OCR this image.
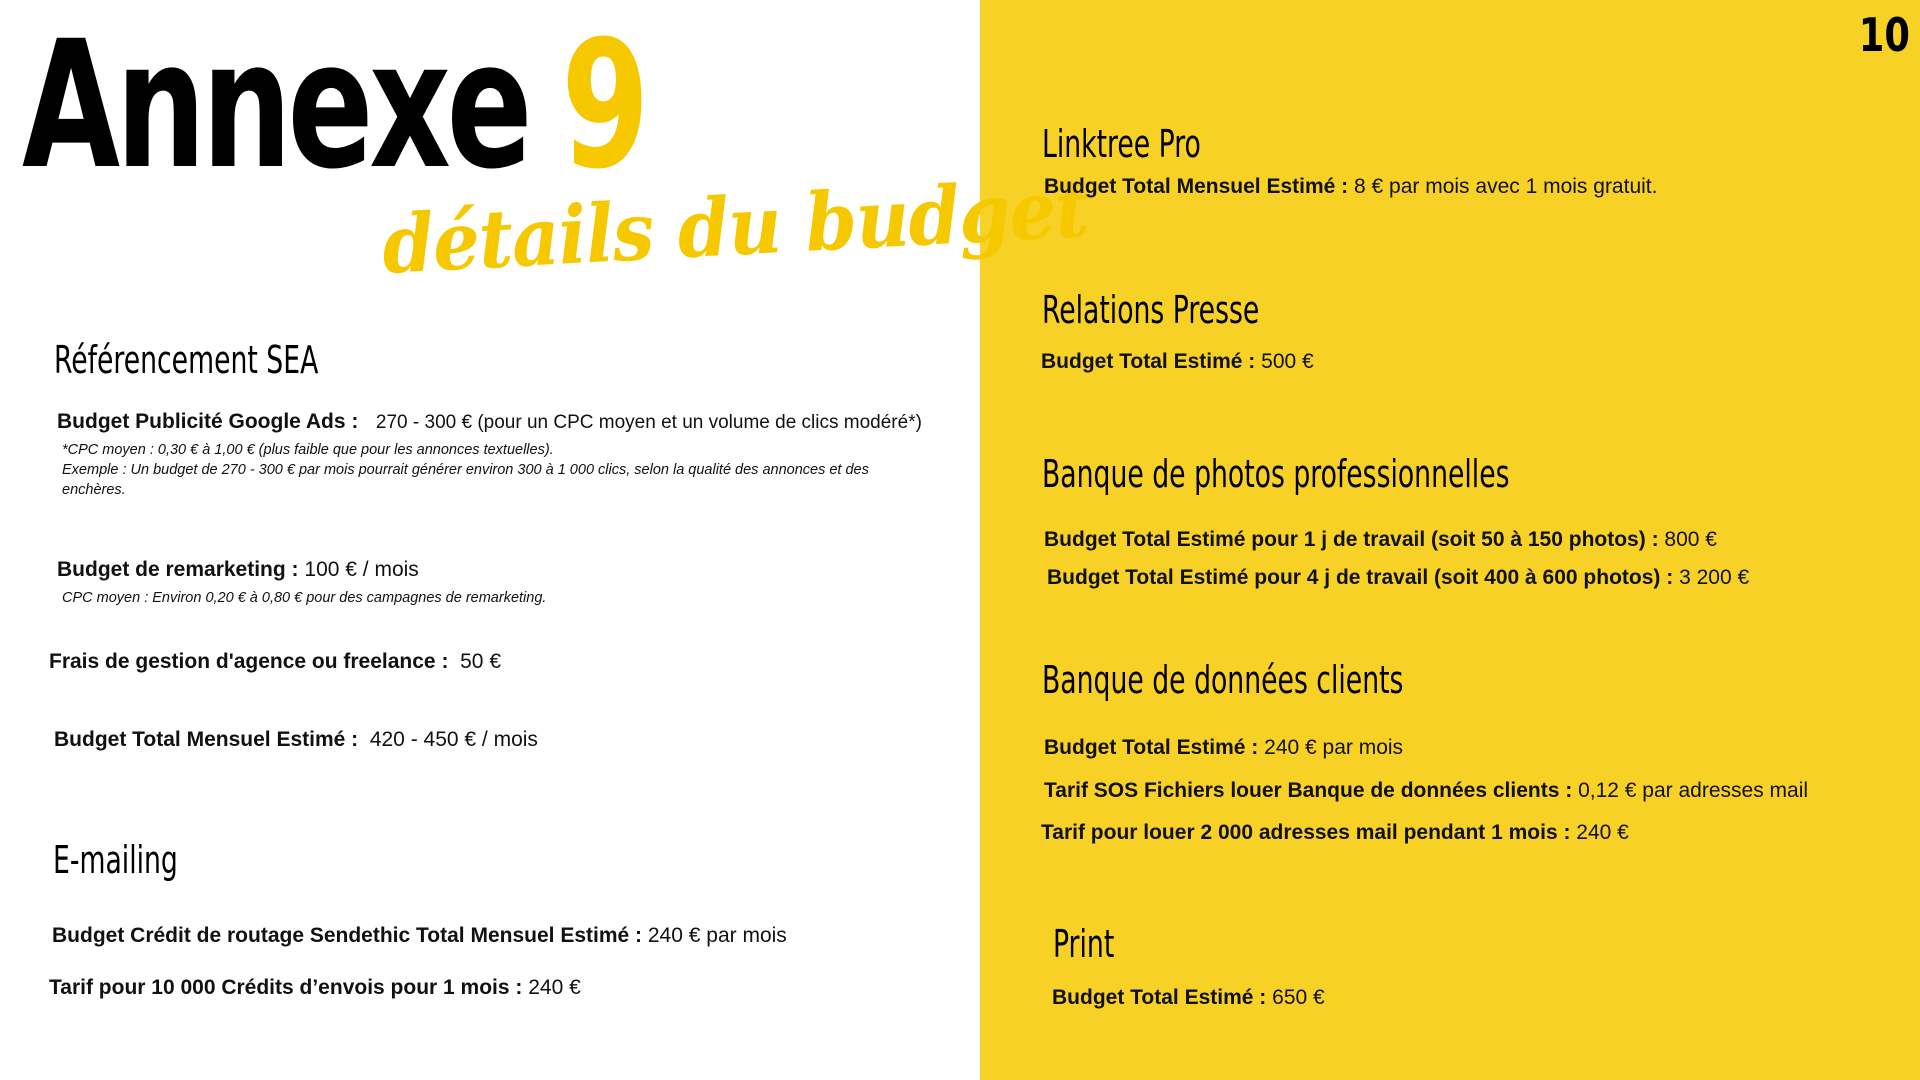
10
Annexe 9
détails du budget
Référencement SEA
Budget Publicité Google Ads : 270 - 300 € (pour un CPC moyen et un volume de clics modéré*)
*CPC moyen : 0,30 € à 1,00 € (plus faible que pour les annonces textuelles).
Exemple : Un budget de 270 - 300 € par mois pourrait générer environ 300 à 1 000 clics, selon la qualité des annonces et des enchères.
Budget de remarketing : 100 € / mois
CPC moyen : Environ 0,20 € à 0,80 € pour des campagnes de remarketing.
Frais de gestion d'agence ou freelance : 50 €
Budget Total Mensuel Estimé : 420 - 450 € / mois
E-mailing
Budget Crédit de routage Sendethic Total Mensuel Estimé : 240 € par mois
Tarif pour 10 000 Crédits d’envois pour 1 mois : 240 €
Linktree Pro
Budget Total Mensuel Estimé : 8 € par mois avec 1 mois gratuit.
Relations Presse
Budget Total Estimé : 500 €
Banque de photos professionnelles
Budget Total Estimé pour 1 j de travail (soit 50 à 150 photos) : 800 €
Budget Total Estimé pour 4 j de travail (soit 400 à 600 photos) : 3 200 €
Banque de données clients
Budget Total Estimé : 240 € par mois
Tarif SOS Fichiers louer Banque de données clients : 0,12 € par adresses mail
Tarif pour louer 2 000 adresses mail pendant 1 mois : 240 €
Print
Budget Total Estimé : 650 €
